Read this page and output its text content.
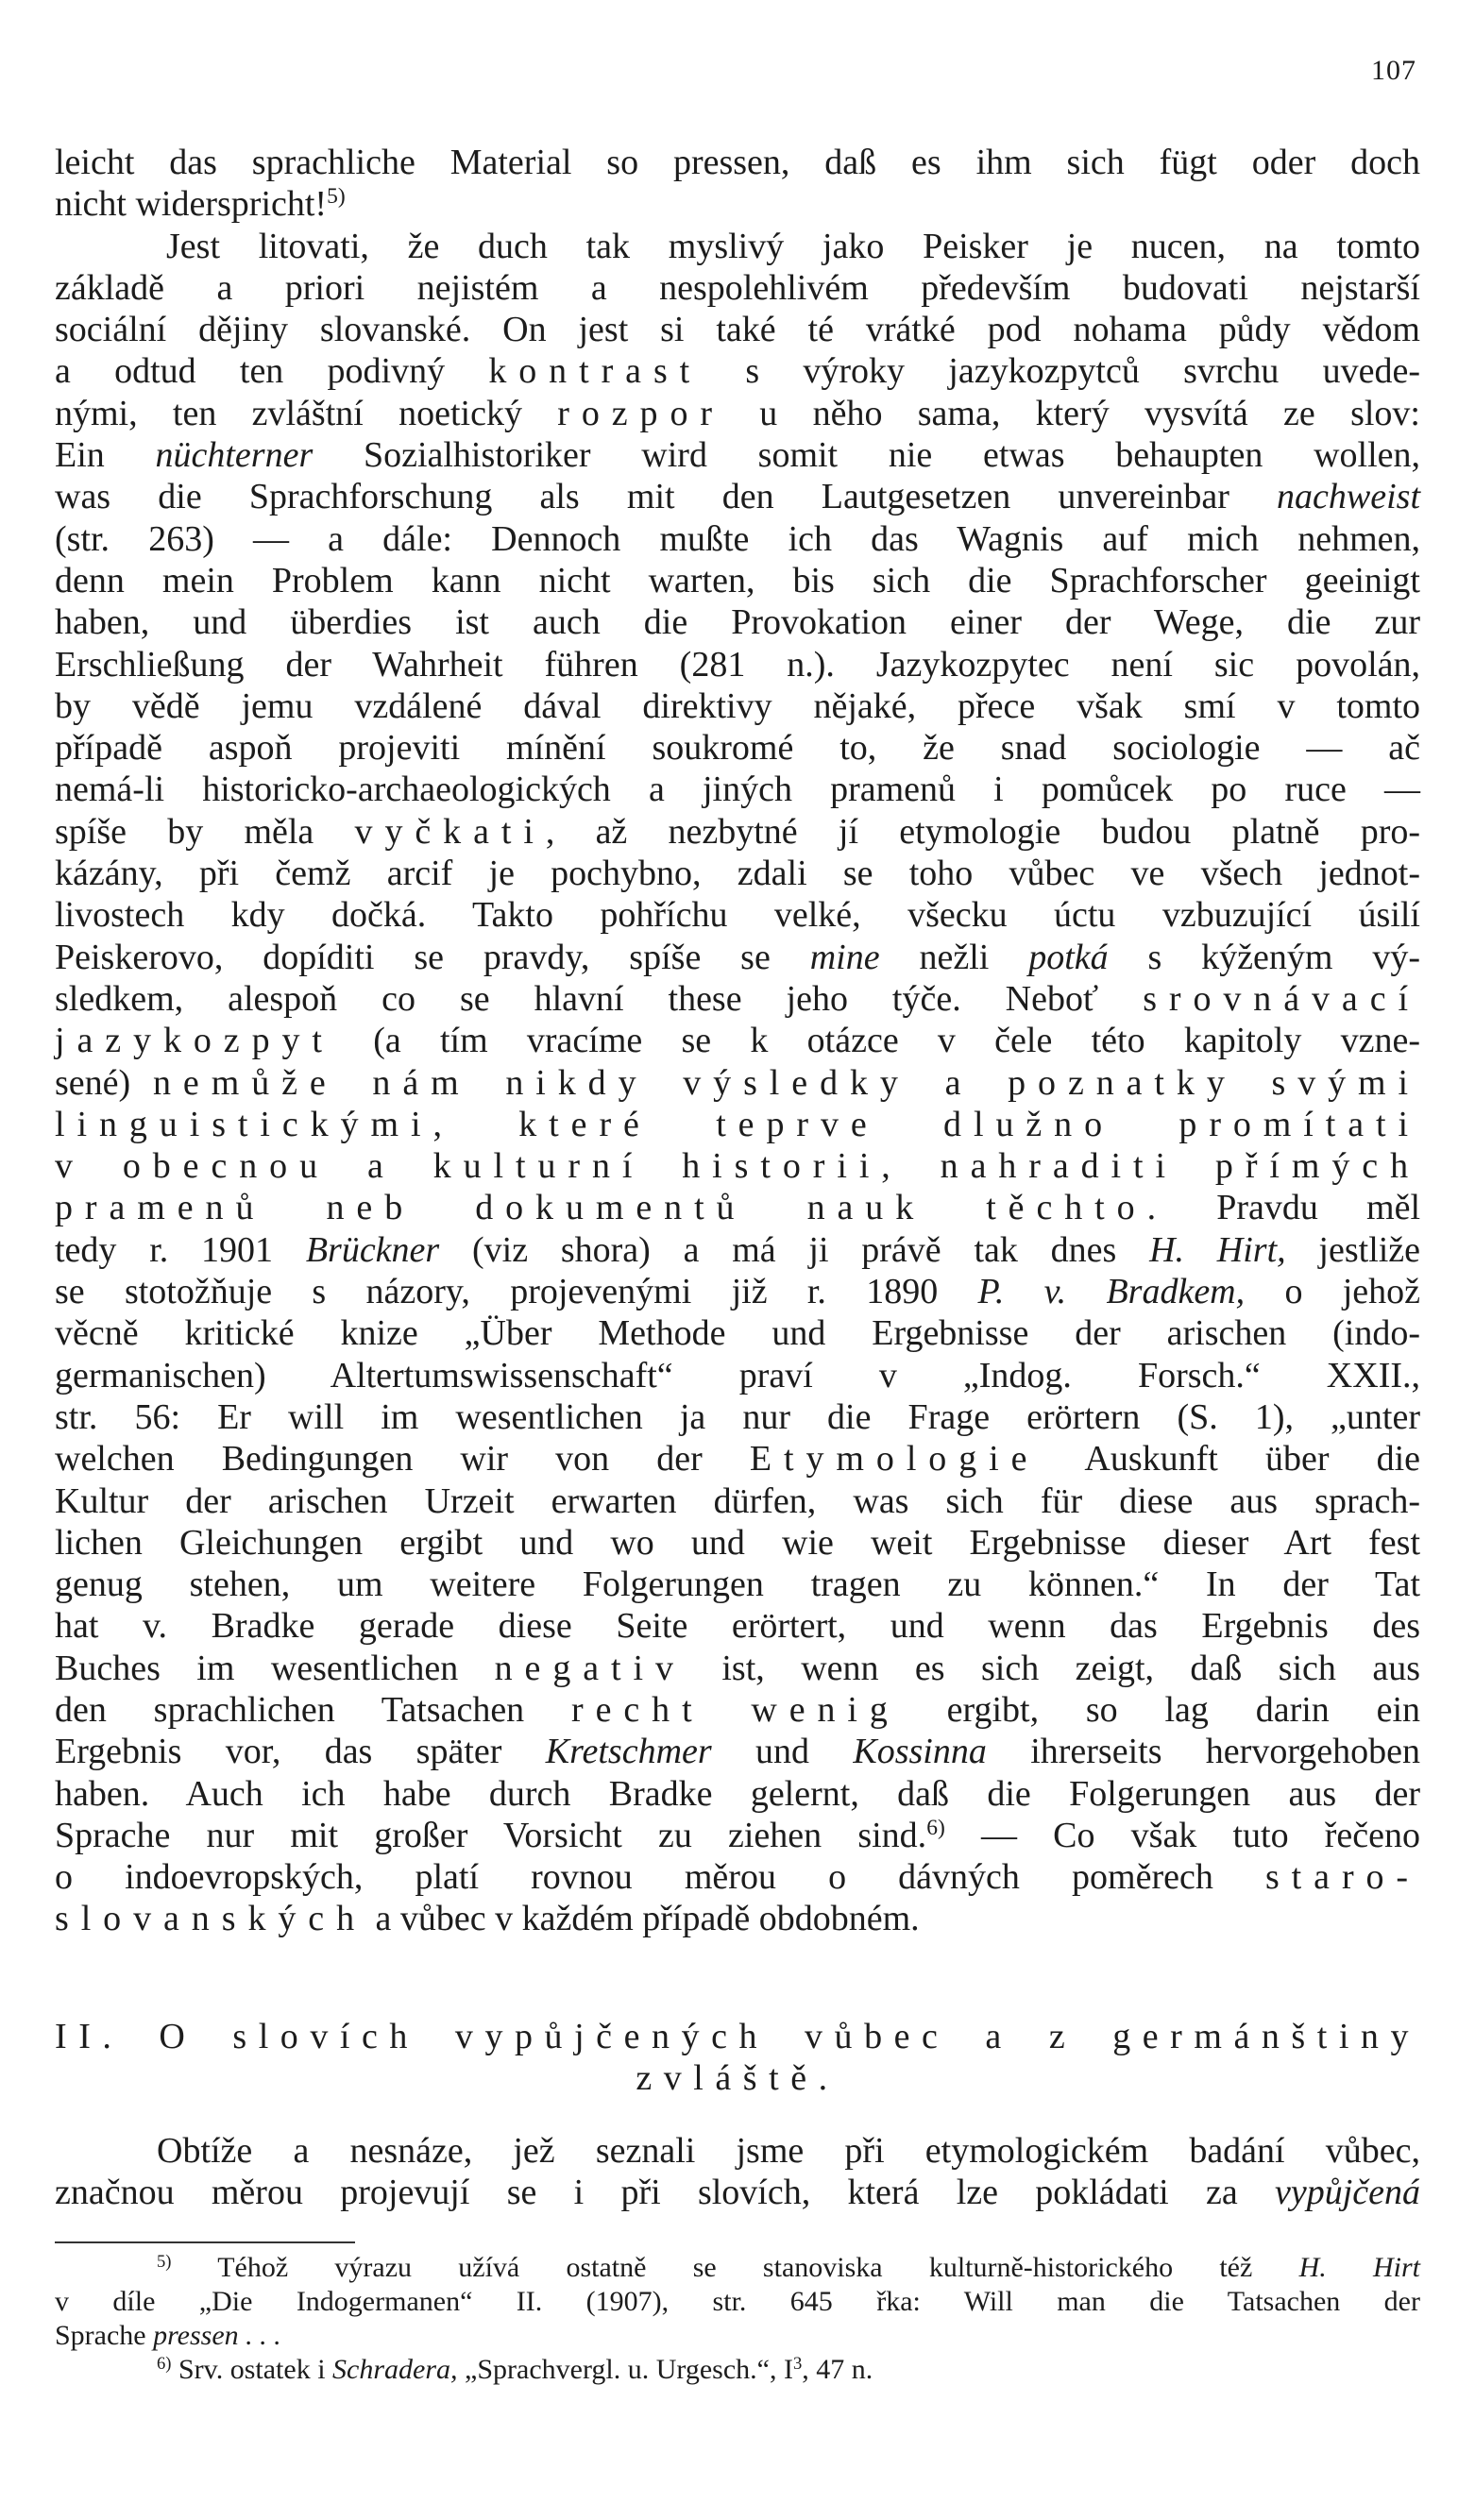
107
leicht das sprachliche Material so pressen, daß es ihm sich fügt oder doch
nicht widerspricht!$^{5)}$
Jest litovati, že duch tak myslivý jako Peisker je nucen, na tomto
základě a priori nejistém a nespolehlivém především budovati nejstarší
sociální dějiny slovanské. On jest si také té vrátké pod nohama půdy vědom
a odtud ten podivný kontrast s výroky jazykozpytců svrchu uvede-
nými, ten zvláštní noetický rozpor u něho sama, který vysvítá ze slov:
Ein nüchterner Sozialhistoriker wird somit nie etwas behaupten wollen,
was die Sprachforschung als mit den Lautgesetzen unvereinbar nachweist
(str. 263) — a dále: Dennoch mußte ich das Wagnis auf mich nehmen,
denn mein Problem kann nicht warten, bis sich die Sprachforscher geeinigt
haben, und überdies ist auch die Provokation einer der Wege, die zur
Erschließung der Wahrheit führen (281 n.). Jazykozpytec není sic povolán,
by vědě jemu vzdálené dával direktivy nějaké, přece však smí v tomto
případě aspoň projeviti mínění soukromé to, že snad sociologie — ač
nemá-li historicko-archaeologických a jiných pramenů i pomůcek po ruce —
spíše by měla vyčkati, až nezbytné jí etymologie budou platně pro-
kázány, při čemž arcif je pochybno, zdali se toho vůbec ve všech jednot-
livostech kdy dočká. Takto pohříchu velké, všecku úctu vzbuzující úsilí
Peiskerovo, dopíditi se pravdy, spíše se mine nežli potká s kýženým vý-
sledkem, alespoň co se hlavní these jeho týče. Neboť srovnávací
jazykozpyt (a tím vracíme se k otázce v čele této kapitoly vzne-
sené) nemůže nám nikdy výsledky a poznatky svými
linguistickými, které teprve dlužno promítati
v obecnou a kulturní historii, nahraditi přímých
pramenů neb dokumentů nauk těchto. Pravdu měl
tedy r. 1901 Brückner (viz shora) a má ji právě tak dnes H. Hirt, jestliže
se stotožňuje s názory, projevenými již r. 1890 P. v. Bradkem, o jehož
věcně kritické knize „Über Methode und Ergebnisse der arischen (indo-
germanischen) Altertumswissenschaft“ praví v „Indog. Forsch.“ XXII.,
str. 56: Er will im wesentlichen ja nur die Frage erörtern (S. 1), „unter
welchen Bedingungen wir von der Etymologie Auskunft über die
Kultur der arischen Urzeit erwarten dürfen, was sich für diese aus sprach-
lichen Gleichungen ergibt und wo und wie weit Ergebnisse dieser Art fest
genug stehen, um weitere Folgerungen tragen zu können.“ In der Tat
hat v. Bradke gerade diese Seite erörtert, und wenn das Ergebnis des
Buches im wesentlichen negativ ist, wenn es sich zeigt, daß sich aus
den sprachlichen Tatsachen recht wenig ergibt, so lag darin ein
Ergebnis vor, das später Kretschmer und Kossinna ihrerseits hervorgehoben
haben. Auch ich habe durch Bradke gelernt, daß die Folgerungen aus der
Sprache nur mit großer Vorsicht zu ziehen sind.$^{6)}$ — Co však tuto řečeno
o indoevropských, platí rovnou měrou o dávných poměrech staro-
slovanských a vůbec v každém případě obdobném.
II. O slovích vypůjčených vůbec a z germánštiny
zvláště.
Obtíže a nesnáze, jež seznali jsme při etymologickém badání vůbec,
značnou měrou projevují se i při slovích, která lze pokládati za vypůjčená
$^{5)}$ Téhož výrazu užívá ostatně se stanoviska kulturně-historického též H. Hirt
v díle „Die Indogermanen“ II. (1907), str. 645 řka: Will man die Tatsachen der
Sprache pressen . . .
$^{6)}$ Srv. ostatek i Schradera, „Sprachvergl. u. Urgesch.“, $I^3$, 47 n.
